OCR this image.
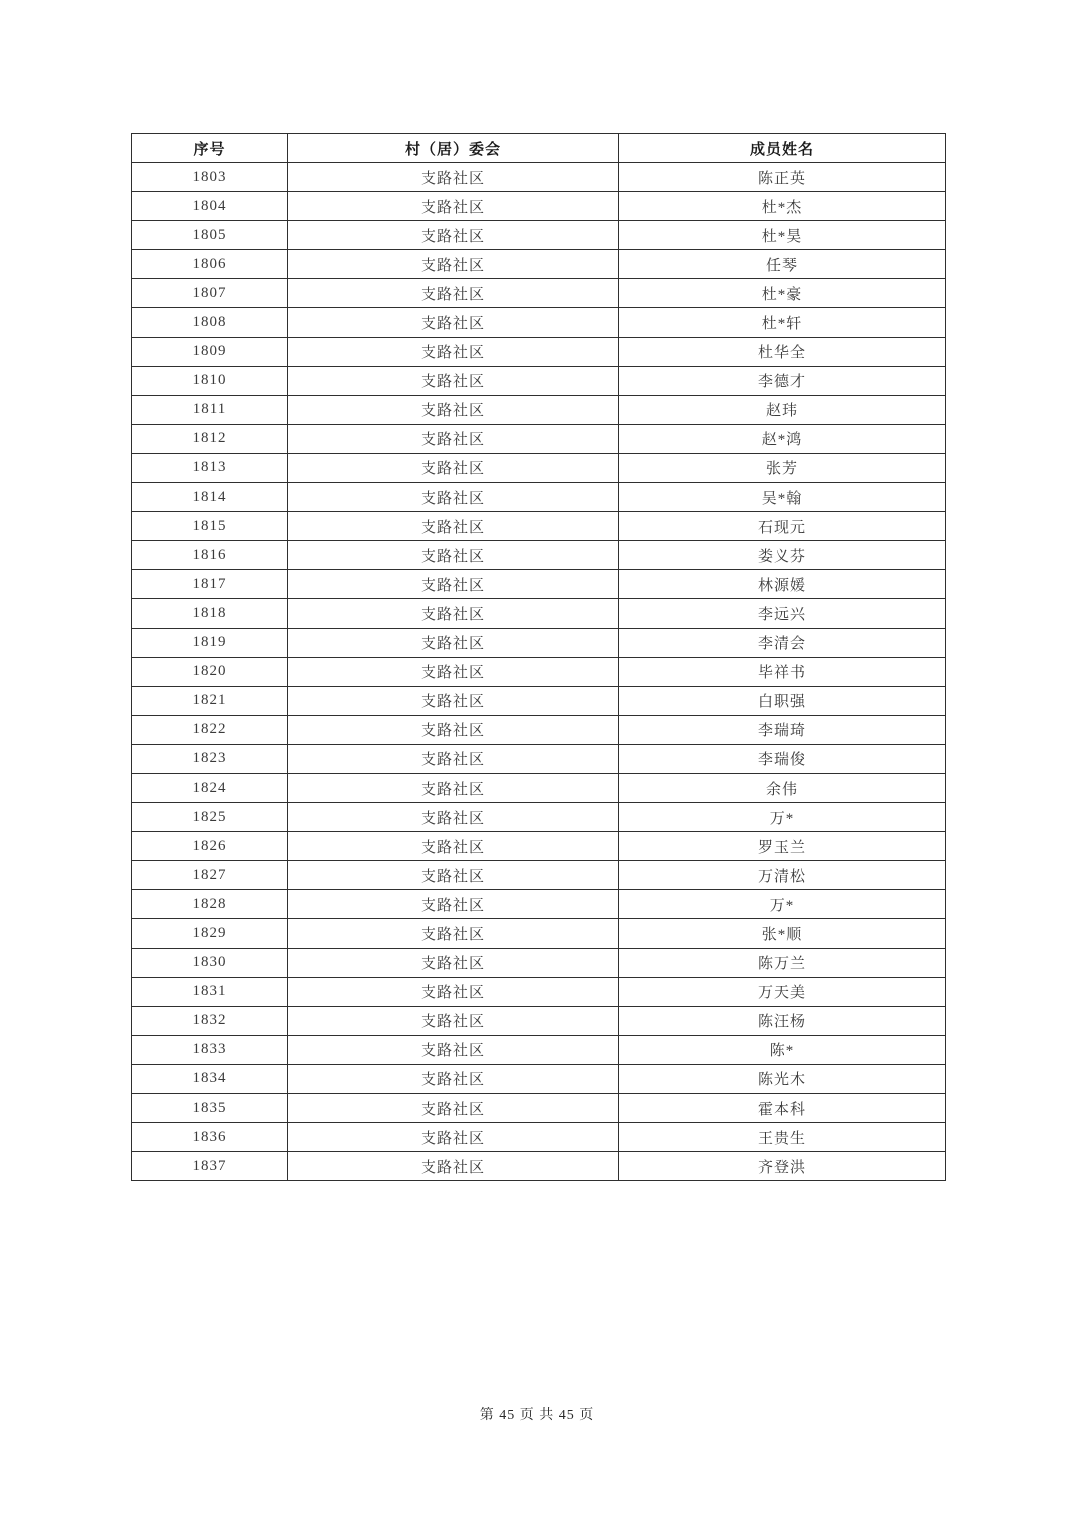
序号	村（居）委会	成员姓名
1803	支路社区	陈正英
1804	支路社区	杜*杰
1805	支路社区	杜*昊
1806	支路社区	任琴
1807	支路社区	杜*豪
1808	支路社区	杜*轩
1809	支路社区	杜华全
1810	支路社区	李德才
1811	支路社区	赵玮
1812	支路社区	赵*鸿
1813	支路社区	张芳
1814	支路社区	吴*翰
1815	支路社区	石现元
1816	支路社区	娄义芬
1817	支路社区	林源媛
1818	支路社区	李远兴
1819	支路社区	李清会
1820	支路社区	毕祥书
1821	支路社区	白职强
1822	支路社区	李瑞琦
1823	支路社区	李瑞俊
1824	支路社区	余伟
1825	支路社区	万*
1826	支路社区	罗玉兰
1827	支路社区	万清松
1828	支路社区	万*
1829	支路社区	张*顺
1830	支路社区	陈万兰
1831	支路社区	万天美
1832	支路社区	陈汪杨
1833	支路社区	陈*
1834	支路社区	陈光木
1835	支路社区	霍本科
1836	支路社区	王贵生
1837	支路社区	齐登洪
第 45 页 共 45 页
